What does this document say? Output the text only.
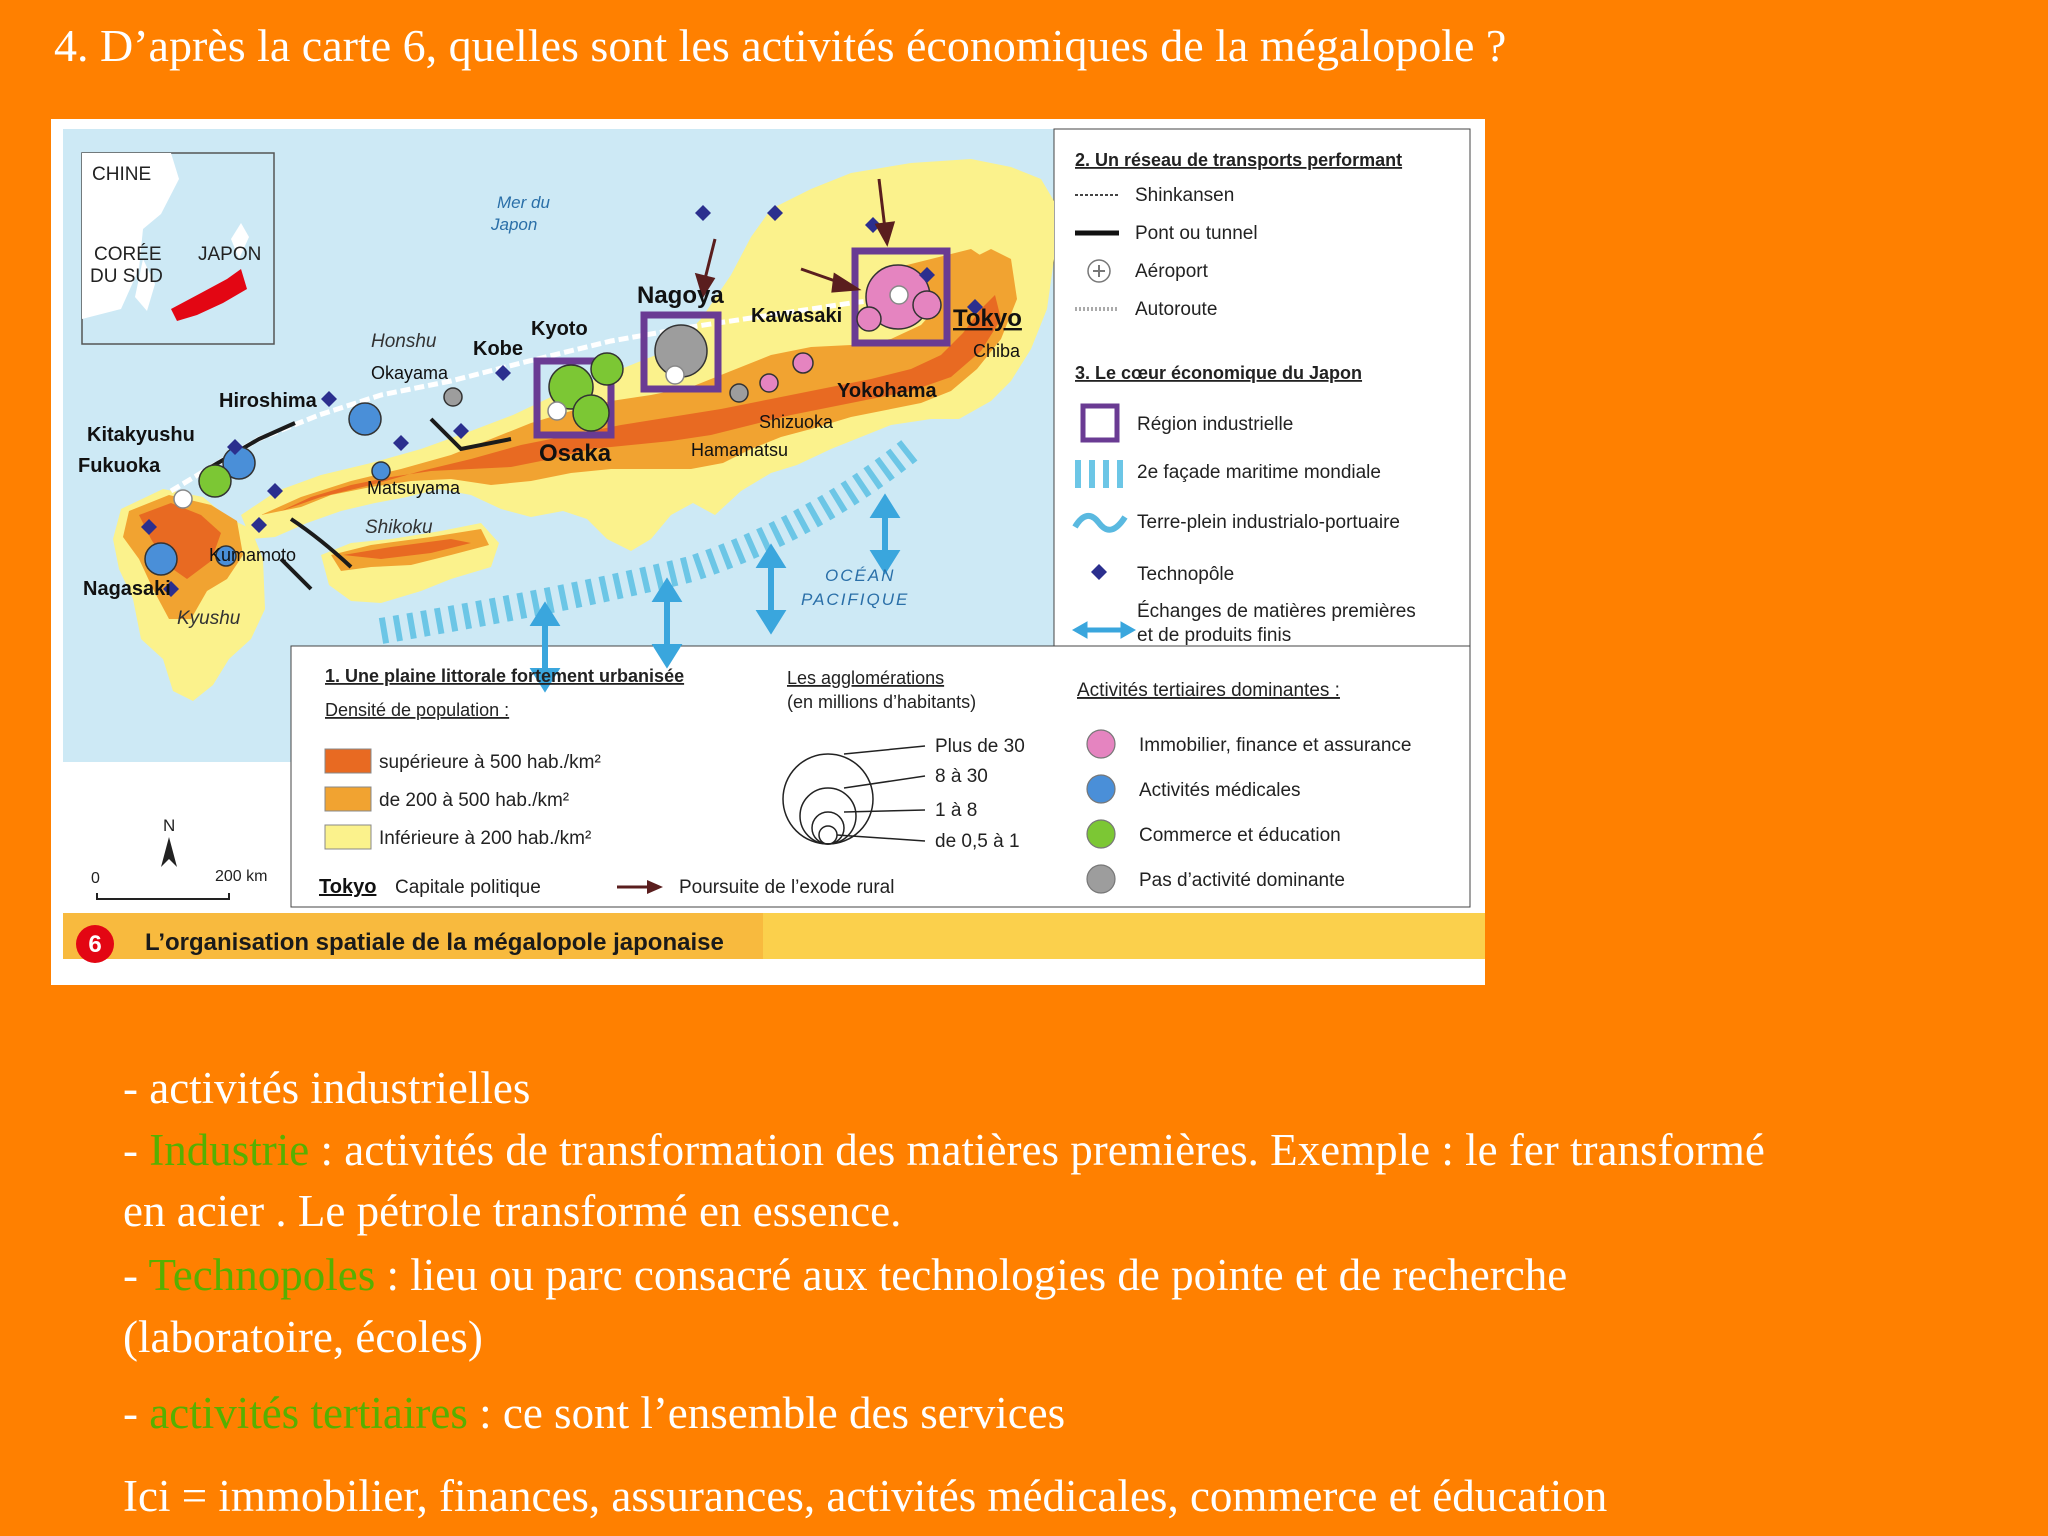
4. D’après la carte 6, quelles sont les activités économiques de la mégalopole ?
CHINE
CORÉE
DU SUD
JAPON
Mer du
Japon
OCÉAN
PACIFIQUE
Honshu
Shikoku
Kyushu
Tokyo
Chiba
Yokohama
Kawasaki
Nagoya
Shizuoka
Hamamatsu
Kyoto
Kobe
Osaka
Okayama
Hiroshima
Matsuyama
Kitakyushu
Fukuoka
Kumamoto
Nagasaki
2. Un réseau de transports performant
Shinkansen
Pont ou tunnel
Aéroport
Autoroute
3. Le cœur économique du Japon
Région industrielle
2e façade maritime mondiale
Terre-plein industrialo-portuaire
Technopôle
Échanges de matières premières
et de produits finis
Activités tertiaires dominantes :
Immobilier, finance et assurance
Activités médicales
Commerce et éducation
Pas d’activité dominante
1. Une plaine littorale fortement urbanisée
Densité de population :
supérieure à 500 hab./km²
de 200 à 500 hab./km²
Inférieure à 200 hab./km²
Les agglomérations
(en millions d’habitants)
Plus de 30
8 à 30
1 à 8
de 0,5 à 1
N
0	200 km	Tokyo Capitale politique	Poursuite de l’exode rural
6 L’organisation spatiale de la mégalopole japonaise
- activités industrielles
- Industrie : activités de transformation des matières premières. Exemple : le fer transformé
en acier . Le pétrole transformé en essence.
- Technopoles : lieu ou parc consacré aux technologies de pointe et de recherche
(laboratoire, écoles)
- activités tertiaires : ce sont l’ensemble des services
Ici = immobilier, finances, assurances, activités médicales, commerce et éducation
